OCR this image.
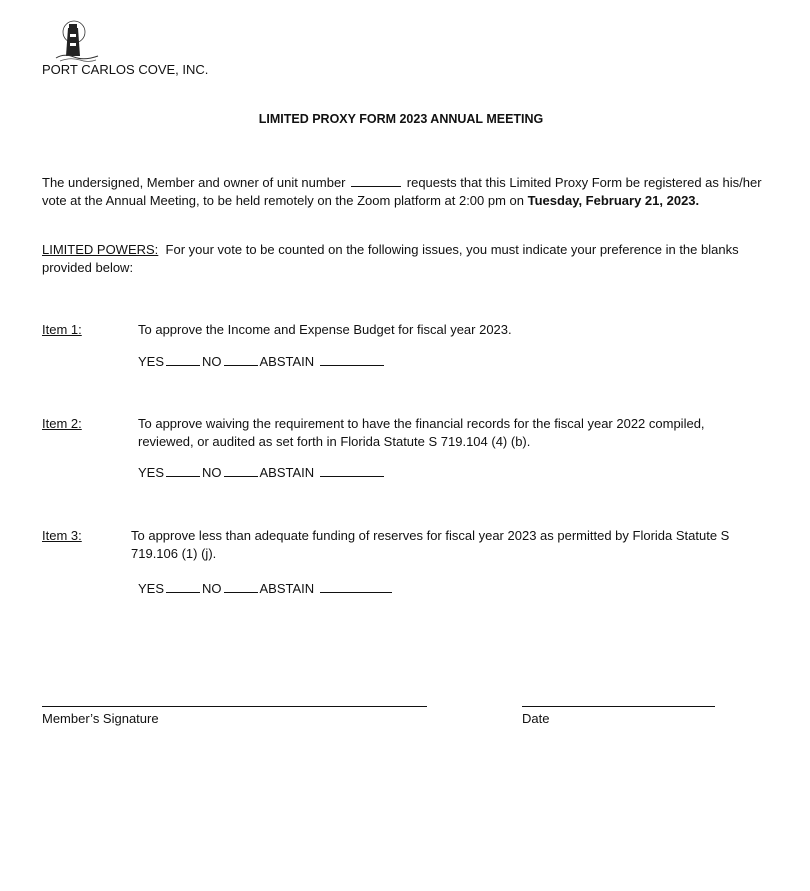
PORT CARLOS COVE, INC.
LIMITED PROXY FORM 2023 ANNUAL MEETING
The undersigned, Member and owner of unit number	requests that this Limited Proxy Form be registered as his/her vote at the Annual Meeting, to be held remotely on the Zoom platform at 2:00 pm on Tuesday, February 21, 2023.
LIMITED POWERS: For your vote to be counted on the following issues, you must indicate your preference in the blanks provided below:
Item 1:	To approve the Income and Expense Budget for fiscal year 2023.
YES	NO	ABSTAIN
Item 2:	To approve waiving the requirement to have the financial records for the fiscal year 2022 compiled, reviewed, or audited as set forth in Florida Statute S 719.104 (4) (b).
YES	NO	ABSTAIN
Item 3:	To approve less than adequate funding of reserves for fiscal year 2023 as permitted by Florida Statute S 719.106 (1) (j).
YES	NO	ABSTAIN
Member’s Signature	Date
